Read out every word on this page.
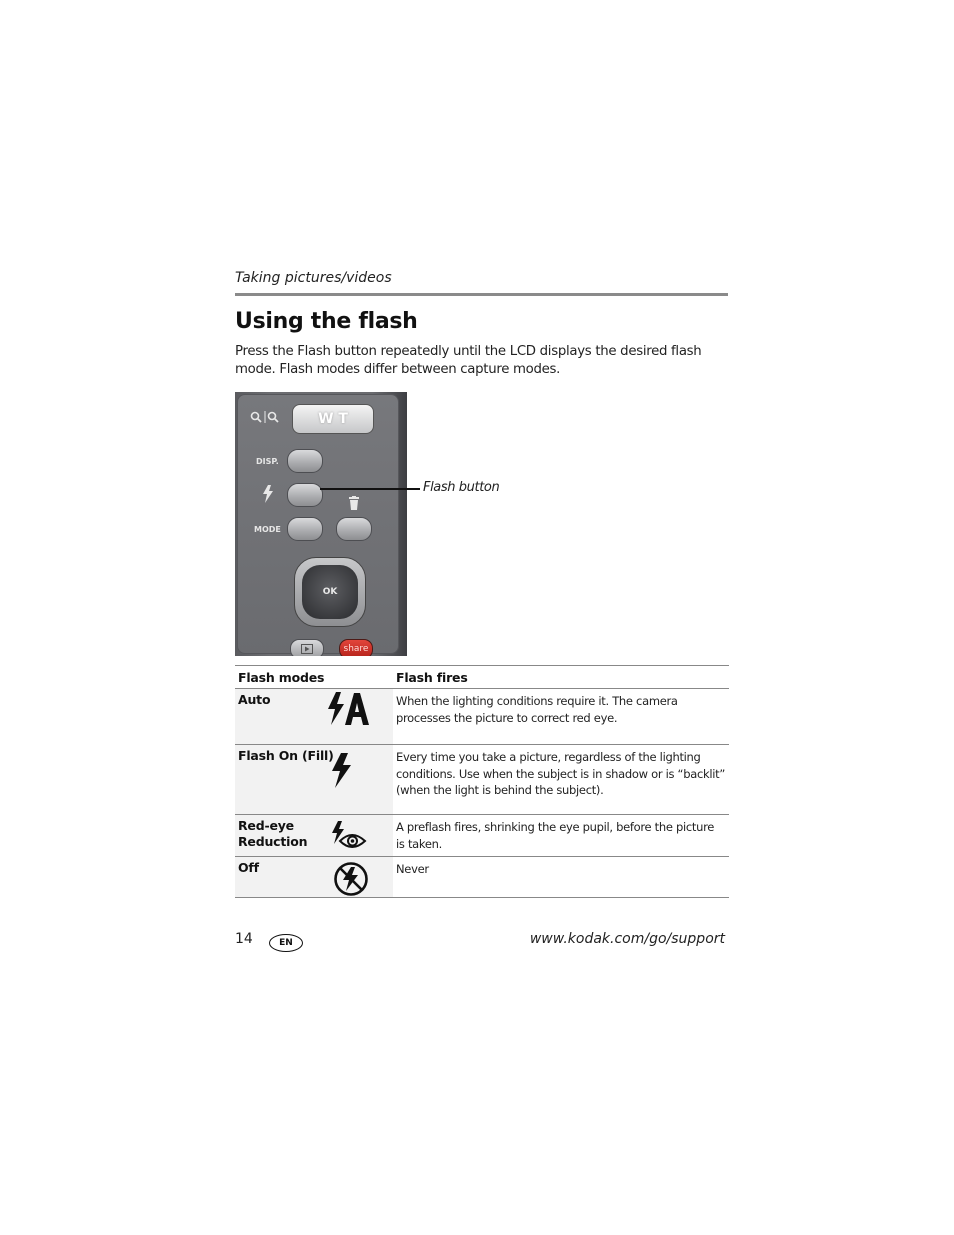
Taking pictures/videos
Using the flash

Press the Flash button repeatedly until the LCD displays the desired flash mode. Flash modes differ between capture modes.

W T
DISP.
MODE
OK
share
Flash button
Flash modes	Flash fires
Auto	When the lighting conditions require it. The camera processes the picture to correct red eye.
Flash On (Fill)	Every time you take a picture, regardless of the lighting conditions. Use when the subject is in shadow or is “backlit” (when the light is behind the subject).
Red-eye Reduction	A preflash fires, shrinking the eye pupil, before the picture is taken.
Off	Never
14	EN	www.kodak.com/go/support
